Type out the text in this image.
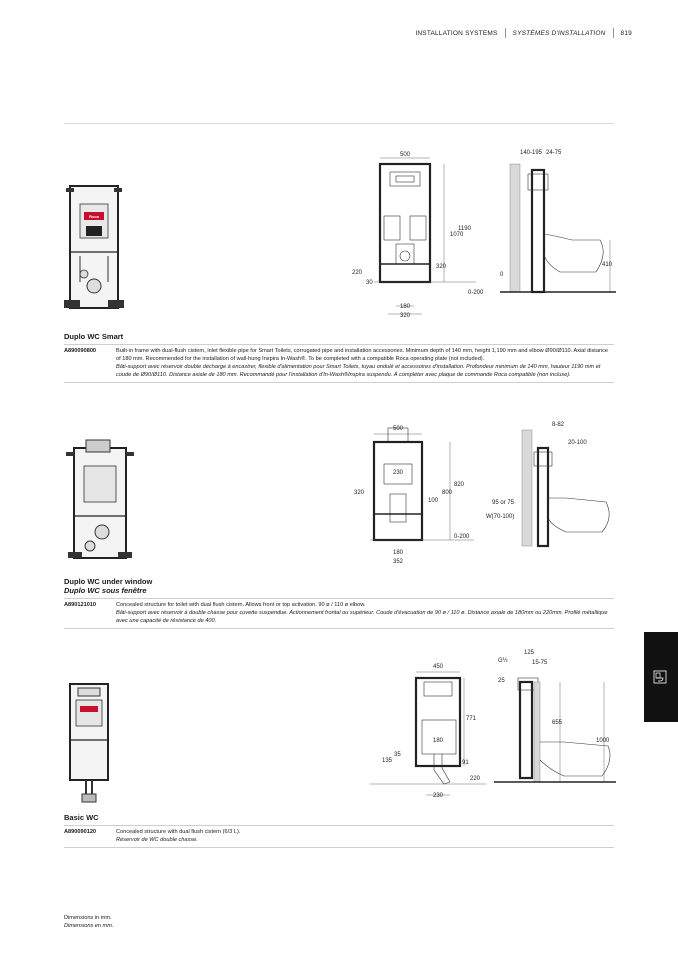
INSTALLATION SYSTEMS SYSTÈMES D'INSTALLATION 819
Roca
500
1190
1070
320
220
30
0-200
180
320
140-195 24-75
410
0
Duplo WC Smart
A890090800	Built-in frame with dual-flush cistern, inlet flexible pipe for Smart Toilets, corrugated pipe and installation accessories. Minimum depth of 140 mm, height 1,190 mm and elbow Ø90/Ø110. Axial distance of 180 mm. Recommended for the installation of wall-hung Inspira In-Wash®. To be completed with a compatible Roca operating plate (not included).
Bâti-support avec réservoir double décharge à encastrer, flexible d'alimentation pour Smart Toilets, tuyau ondulé et accessoires d'installation. Profondeur minimum de 140 mm, hauteur 1190 mm et coude de Ø90/Ø110. Distance axiale de 180 mm. Recommandé pour l'installation d'In-Wash®Inspira suspendu. À compléter avec plaque de commande Roca compatible (non incluse).
500
230
820
800
320
100
0-200
180
352
8-82
20-100
95 or 75
W(70-100)
Duplo WC under window
Duplo WC sous fenêtre
A890121010	Concealed structure for toilet with dual flush cistern. Allows front or top activation. 90 ø / 110 ø elbow.
Bâti-support avec réservoir à double chasse pour cuvette suspendue. Actionnement frontal ou supérieur. Coude d'évacuation de 90 ø / 110 ø. Distance axiale de 180mm ou 220mm. Profilé métallique avec une capacité de résistance de 400.
450
180
771
35
135	91
220
230
125
G½	15-75
25
655
1000
Basic WC
A890090120	Concealed structure with dual flush cistern (6/3 L).
Réservoir de WC double chasse.
Dimensions in mm.
Dimensions en mm.
